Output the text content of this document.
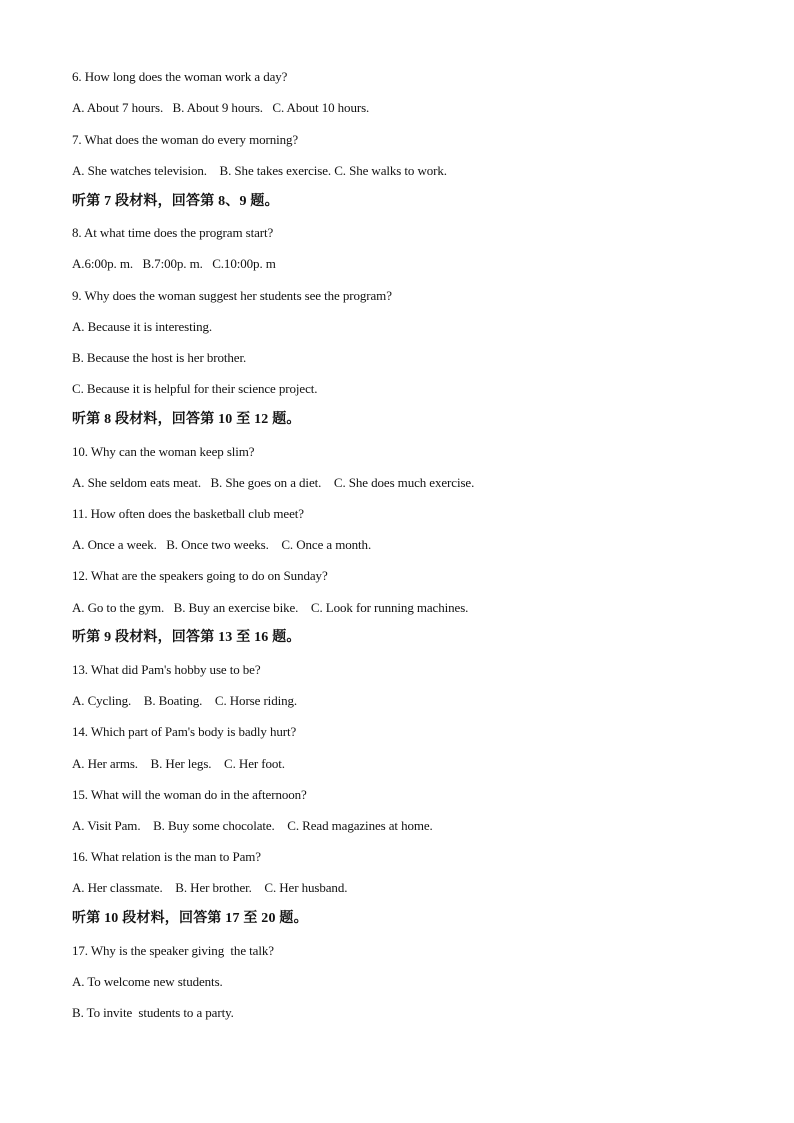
6. How long does the woman work a day?
A. About 7 hours.   B. About 9 hours.   C. About 10 hours.
7. What does the woman do every morning?
A. She watches television.    B. She takes exercise. C. She walks to work.
听第 7 段材料，回答第 8、9 题。
8. At what time does the program start?
A.6:00p. m.   B.7:00p. m.   C.10:00p. m
9. Why does the woman suggest her students see the program?
A. Because it is interesting.
B. Because the host is her brother.
C. Because it is helpful for their science project.
听第 8 段材料，回答第 10 至 12 题。
10. Why can the woman keep slim?
A. She seldom eats meat.   B. She goes on a diet.    C. She does much exercise.
11. How often does the basketball club meet?
A. Once a week.   B. Once two weeks.    C. Once a month.
12. What are the speakers going to do on Sunday?
A. Go to the gym.   B. Buy an exercise bike.    C. Look for running machines.
听第 9 段材料，回答第 13 至 16 题。
13. What did Pam's hobby use to be?
A. Cycling.    B. Boating.    C. Horse riding.
14. Which part of Pam's body is badly hurt?
A. Her arms.    B. Her legs.    C. Her foot.
15. What will the woman do in the afternoon?
A. Visit Pam.    B. Buy some chocolate.    C. Read magazines at home.
16. What relation is the man to Pam?
A. Her classmate.    B. Her brother.    C. Her husband.
听第 10 段材料，回答第 17 至 20 题。
17. Why is the speaker giving  the talk?
A. To welcome new students.
B. To invite  students to a party.
